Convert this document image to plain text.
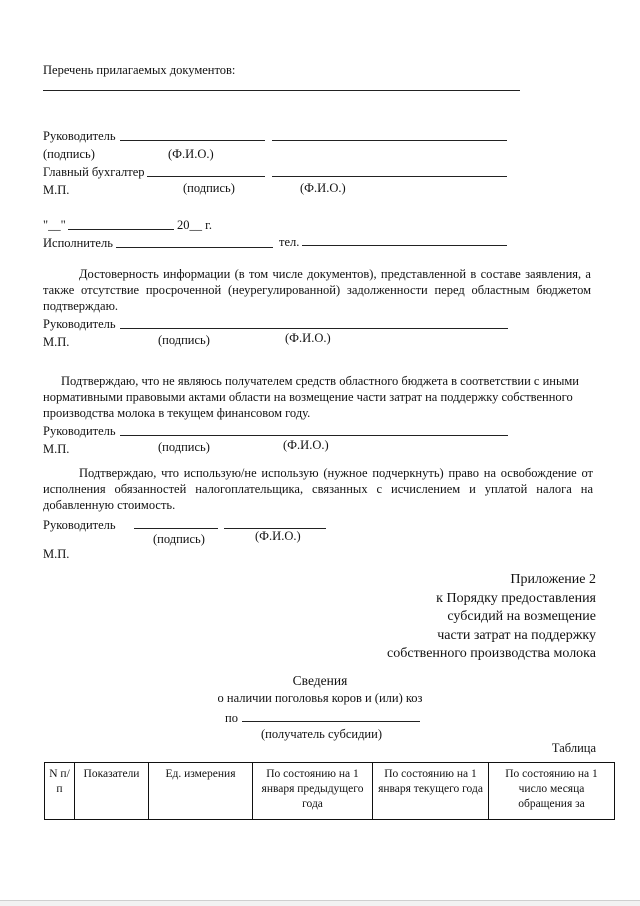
Перечень прилагаемых документов:
Руководитель
(подпись)	(Ф.И.О.)
Главный бухгалтер
М.П.	(подпись)	(Ф.И.О.)
"__"	20__ г.
Исполнитель	тел.
Достоверность информации (в том числе документов), представленной в составе заявления, а также отсутствие просроченной (неурегулированной) задолженности перед областным бюджетом подтверждаю.
Руководитель
М.П.	(подпись)	(Ф.И.О.)
Подтверждаю, что не являюсь получателем средств областного бюджета в соответствии с иными нормативными правовыми актами области на возмещение части затрат на поддержку собственного производства молока в текущем финансовом году.
Руководитель
М.П.	(подпись)	(Ф.И.О.)
Подтверждаю, что использую/не использую (нужное подчеркнуть) право на освобождение от исполнения обязанностей налогоплательщика, связанных с исчислением и уплатой налога на добавленную стоимость.
Руководитель
(подпись)	(Ф.И.О.)
М.П.
Приложение 2
к Порядку предоставления
субсидий на возмещение
части затрат на поддержку
собственного производства молока
Сведения
о наличии поголовья коров и (или) коз
по
(получатель субсидии)
Таблица
N п/п	Показатели	Ед. измерения	По состоянию на 1 января предыдущего года	По состоянию на 1 января текущего года	По состоянию на 1 число месяца обращения за
